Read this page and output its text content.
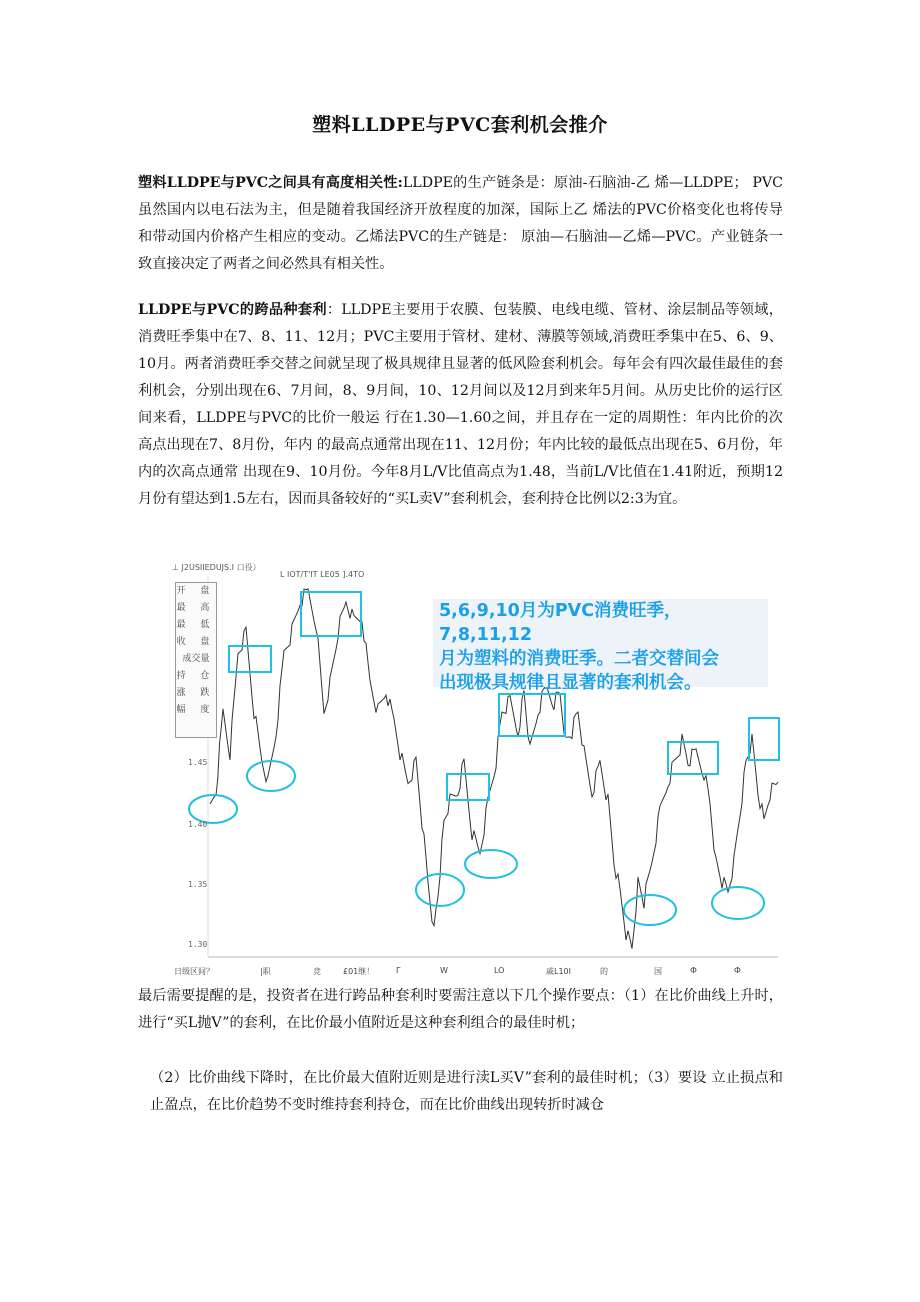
塑料LLDPE与PVC套利机会推介

塑料LLDPE与PVC之间具有高度相关性:LLDPE的生产链条是：原油-石脑油-乙 烯—LLDPE； PVC虽然国内以电石法为主，但是随着我国经济开放程度的加深，国际上乙 烯法的PVC价格变化也将传导和带动国内价格产生相应的变动。乙烯法PVC的生产链是： 原油—石脑油—乙烯—PVC。产业链条一致直接决定了两者之间必然具有相关性。

LLDPE与PVC的跨品种套利：LLDPE主要用于农膜、包装膜、电线电缆、管材、涂层制品等领域，消费旺季集中在7、8、11、12月；PVC主要用于管材、建材、薄膜等领域,消费旺季集中在5、6、9、10月。两者消费旺季交替之间就呈现了极具规律且显著的低风险套利机会。每年会有四次最佳最佳的套利机会，分别出现在6、7月间，8、9月间，10、12月间以及12月到来年5月间。从历史比价的运行区间来看，LLDPE与PVC的比价一般运 行在1.30—1.60之间，并且存在一定的周期性：年内比价的次高点出现在7、8月份，年内 的最高点通常出现在11、12月份；年内比较的最低点出现在5、6月份，年内的次高点通常 出现在9、10月份。今年8月L/V比值高点为1.48，当前L/V比值在1.41附近，预期12 月份有望达到1.5左右，因而具备较好的“买L卖V”套利机会，套利持仓比例以2:3为宜。

⊥ J2USIIEDUJS.I 口役）
L IOT/T'IT LE05 ].4TO
开 盘
最 高
最 低
收 盘
成交量
持 仓
涨 跌
幅 度
5,6,9,10月为PVC消费旺季，7,8,11,12
月为塑料的消费旺季。二者交替间会
出现极具规律且显著的套利机会。
1.45
1.40
1.35
1.30
日级区间？	|职	竞	£01继！	Γ	W	LO	戚L10I	的	国	Ф	Ф

最后需要提醒的是，投资者在进行跨品种套利时要需注意以下几个操作要点：（1）在比价曲线上升时，进行“买L抛V”的套利，在比价最小值附近是这种套利组合的最佳时机；

（2）比价曲线下降时，在比价最大值附近则是进行渎L买V”套利的最佳时机；（3）要设 立止损点和止盈点，在比价趋势不变时维持套利持仓，而在比价曲线出现转折时减仓
